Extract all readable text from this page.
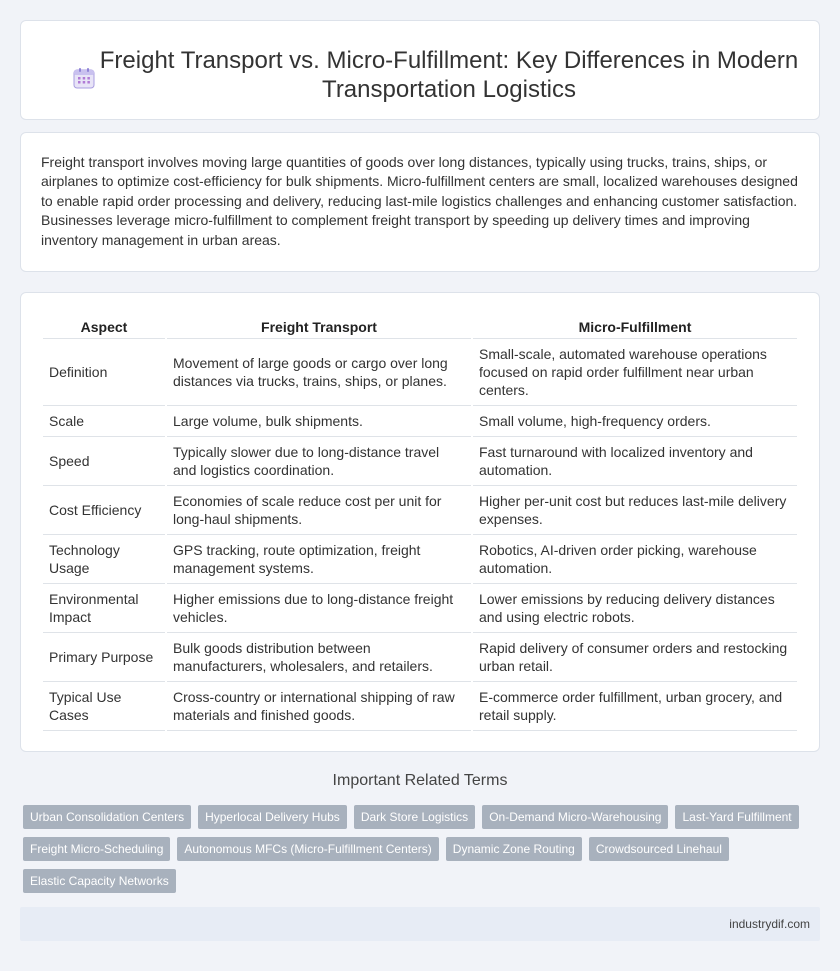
Freight Transport vs. Micro-Fulfillment: Key Differences in Modern Transportation Logistics

Freight transport involves moving large quantities of goods over long distances, typically using trucks, trains, ships, or airplanes to optimize cost-efficiency for bulk shipments. Micro-fulfillment centers are small, localized warehouses designed to enable rapid order processing and delivery, reducing last-mile logistics challenges and enhancing customer satisfaction. Businesses leverage micro-fulfillment to complement freight transport by speeding up delivery times and improving inventory management in urban areas.

Aspect	Freight Transport	Micro-Fulfillment
Definition	Movement of large goods or cargo over long distances via trucks, trains, ships, or planes.	Small-scale, automated warehouse operations focused on rapid order fulfillment near urban centers.
Scale	Large volume, bulk shipments.	Small volume, high-frequency orders.
Speed	Typically slower due to long-distance travel and logistics coordination.	Fast turnaround with localized inventory and automation.
Cost Efficiency	Economies of scale reduce cost per unit for long-haul shipments.	Higher per-unit cost but reduces last-mile delivery expenses.
Technology Usage	GPS tracking, route optimization, freight management systems.	Robotics, AI-driven order picking, warehouse automation.
Environmental Impact	Higher emissions due to long-distance freight vehicles.	Lower emissions by reducing delivery distances and using electric robots.
Primary Purpose	Bulk goods distribution between manufacturers, wholesalers, and retailers.	Rapid delivery of consumer orders and restocking urban retail.
Typical Use Cases	Cross-country or international shipping of raw materials and finished goods.	E-commerce order fulfillment, urban grocery, and retail supply.
Important Related Terms
Urban Consolidation Centers	Hyperlocal Delivery Hubs	Dark Store Logistics	On-Demand Micro-Warehousing	Last-Yard Fulfillment
Freight Micro-Scheduling	Autonomous MFCs (Micro-Fulfillment Centers)	Dynamic Zone Routing	Crowdsourced Linehaul
Elastic Capacity Networks
industrydif.com
